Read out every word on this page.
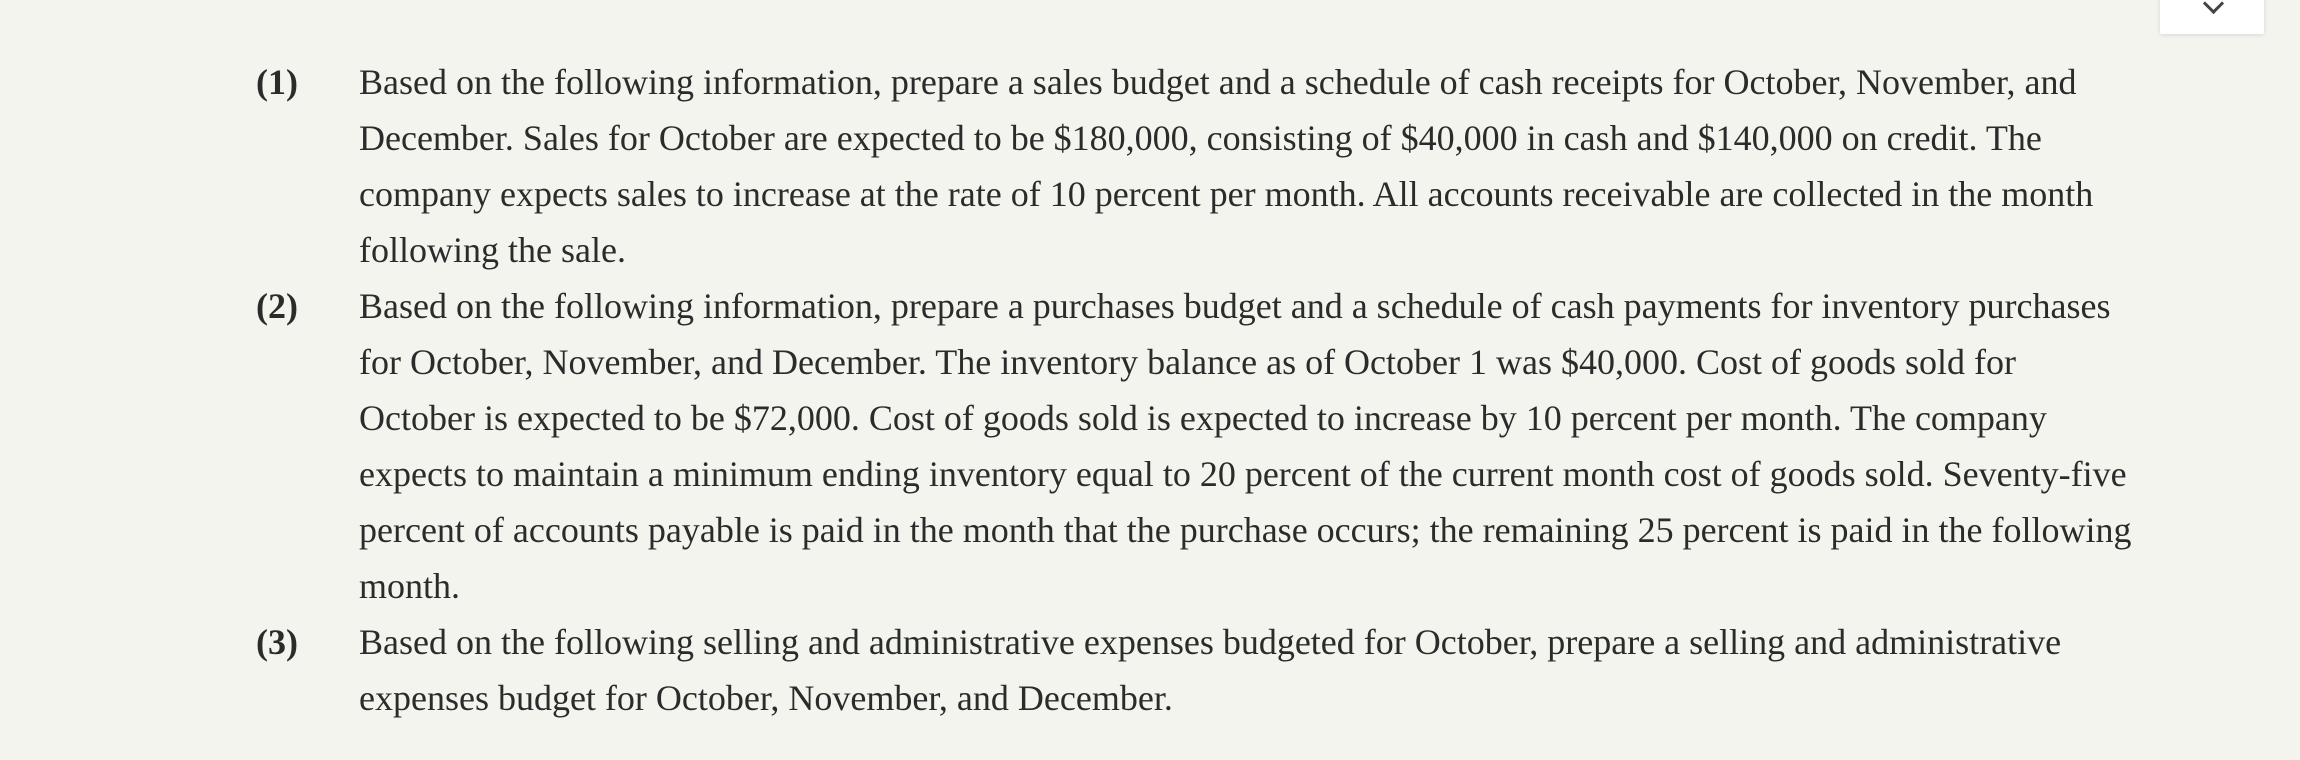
(1)	Based on the following information, prepare a sales budget and a schedule of cash receipts for October, November, and December. Sales for October are expected to be $180,000, consisting of $40,000 in cash and $140,000 on credit. The company expects sales to increase at the rate of 10 percent per month. All accounts receivable are collected in the month following the sale.

(2)	Based on the following information, prepare a purchases budget and a schedule of cash payments for inventory purchases for October, November, and December. The inventory balance as of October 1 was $40,000. Cost of goods sold for October is expected to be $72,000. Cost of goods sold is expected to increase by 10 percent per month. The company expects to maintain a minimum ending inventory equal to 20 percent of the current month cost of goods sold. Seventy-five percent of accounts payable is paid in the month that the purchase occurs; the remaining 25 percent is paid in the following month.

(3)	Based on the following selling and administrative expenses budgeted for October, prepare a selling and administrative expenses budget for October, November, and December.
